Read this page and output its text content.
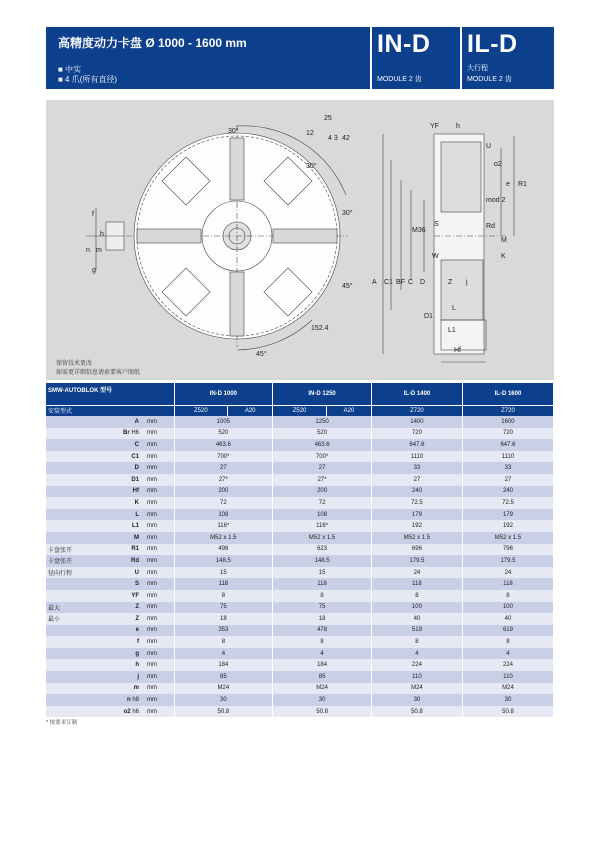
高精度动力卡盘 Ø 1000 - 1600 mm
■ 中实
■ 4 爪(所有直径)
IN-D
MODULE 2 齿
IL-D
大行程
MODULE 2 齿
30°
30°
30°
45°
45°
152.4
25
12
42
4 3
f
h
n m
g
YF h
U
o2
e R1
mod 2
M36
S
W
Rd
M
K
A C1 BF C D	Z j
D1
L
L1
Hf
保留技术更改
如需更详细信息请索要客户图纸
SMW-AUTOBLOK 型号			IN-D 1000		IN-D 1250		IL-D 1400	IL-D 1600
安装型式			Z520	A20	Z520	A20	Z720	Z720
	A	mm	1005		1250		1400	1600
	Br H6	mm	520		520		720	720
	C	mm	463.6		463.6		647.6	647.6
	C1	mm	700*		700*		1110	1110
	D	mm	27		27		33	33
	D1	mm	27*		27*		27	27
	Hf	mm	200		200		240	240
	K	mm	72		72		72.5	72.5
	L	mm	108		108		179	179
	L1	mm	116*		116*		192	192
	M	mm	M52 x 1.5		M52 x 1.5		M52 x 1.5	M52 x 1.5
卡盘张开	R1	mm	498		623		696	796
卡盘张开	Rd	mm	148.5		148.5		179.5	179.5
径向行程	U	mm	15		15		24	24
	S	mm	118		118		118	118
	YF	mm	8		8		8	8
最大	Z	mm	75		75		100	100
最小	Z	mm	18		18		40	40
	e	mm	353		478		519	619
	f	mm	8		8		8	8
	g	mm	4		4		4	4
	h	mm	184		184		224	224
	j	mm	85		85		110	110
	m	mm	M24		M24		M24	M24
	n h8	mm	30		30		30	30
	o2 h6	mm	50.8		50.8		50.8	50.8
* 按要求订制
